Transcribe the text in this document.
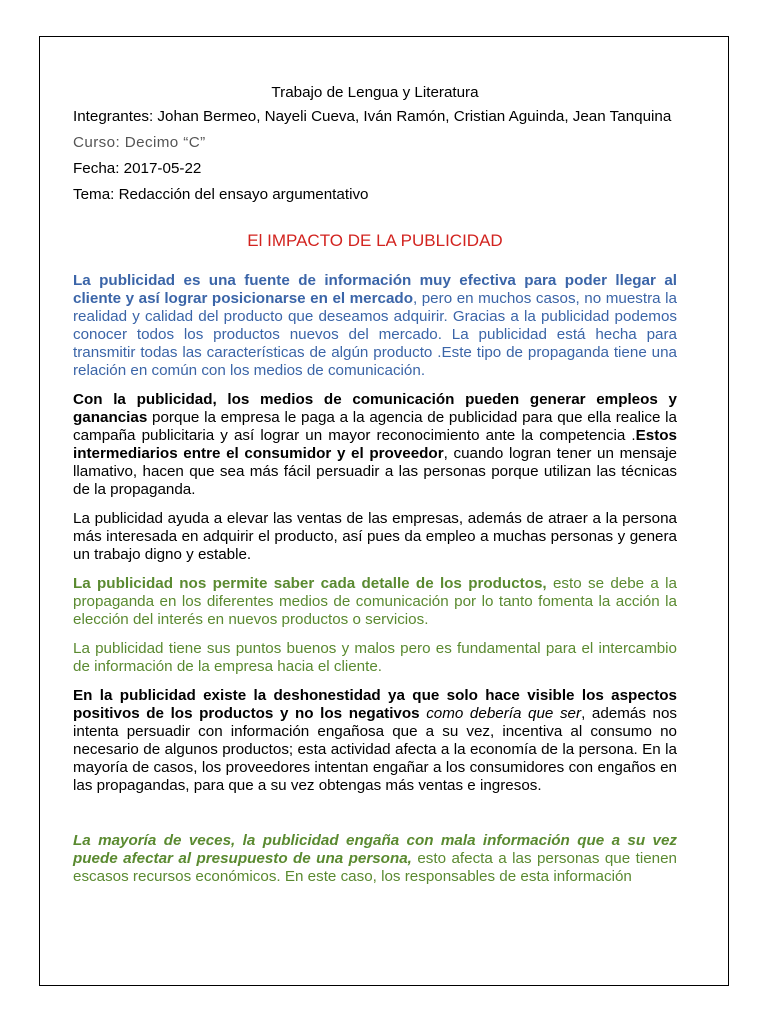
Trabajo de Lengua y Literatura
Integrantes: Johan Bermeo, Nayeli Cueva, Iván Ramón, Cristian Aguinda, Jean Tanquina
Curso: Decimo “C”
Fecha: 2017-05-22
Tema: Redacción del ensayo argumentativo
El IMPACTO DE LA PUBLICIDAD

La publicidad es una fuente de información muy efectiva para poder llegar al cliente y así lograr posicionarse en el mercado, pero en muchos casos, no muestra la realidad y calidad del producto que deseamos adquirir. Gracias a la publicidad podemos conocer todos los productos nuevos del mercado. La publicidad está hecha para transmitir todas las características de algún producto .Este tipo de propaganda tiene una relación en común con los medios de comunicación.

Con la publicidad, los medios de comunicación pueden generar empleos y ganancias porque la empresa le paga a la agencia de publicidad para que ella realice la campaña publicitaria y así lograr un mayor reconocimiento ante la competencia .Estos intermediarios entre el consumidor y el proveedor, cuando logran tener un mensaje llamativo, hacen que sea más fácil persuadir a las personas porque utilizan las técnicas de la propaganda.

La publicidad ayuda a elevar las ventas de las empresas, además de atraer a la persona más interesada en adquirir el producto, así pues da empleo a muchas personas y genera un trabajo digno y estable.

La publicidad nos permite saber cada detalle de los productos, esto se debe a la propaganda en los diferentes medios de comunicación por lo tanto fomenta la acción la elección del interés en nuevos productos o servicios.

La publicidad tiene sus puntos buenos y malos pero es fundamental para el intercambio de información de la empresa hacia el cliente.

En la publicidad existe la deshonestidad ya que solo hace visible los aspectos positivos de los productos y no los negativos como debería que ser, además nos intenta persuadir con información engañosa que a su vez, incentiva al consumo no necesario de algunos productos; esta actividad afecta a la economía de la persona. En la mayoría de casos, los proveedores intentan engañar a los consumidores con engaños en las propagandas, para que a su vez obtengas más ventas e ingresos.

La mayoría de veces, la publicidad engaña con mala información que a su vez puede afectar al presupuesto de una persona, esto afecta a las personas que tienen escasos recursos económicos. En este caso, los responsables de esta información
